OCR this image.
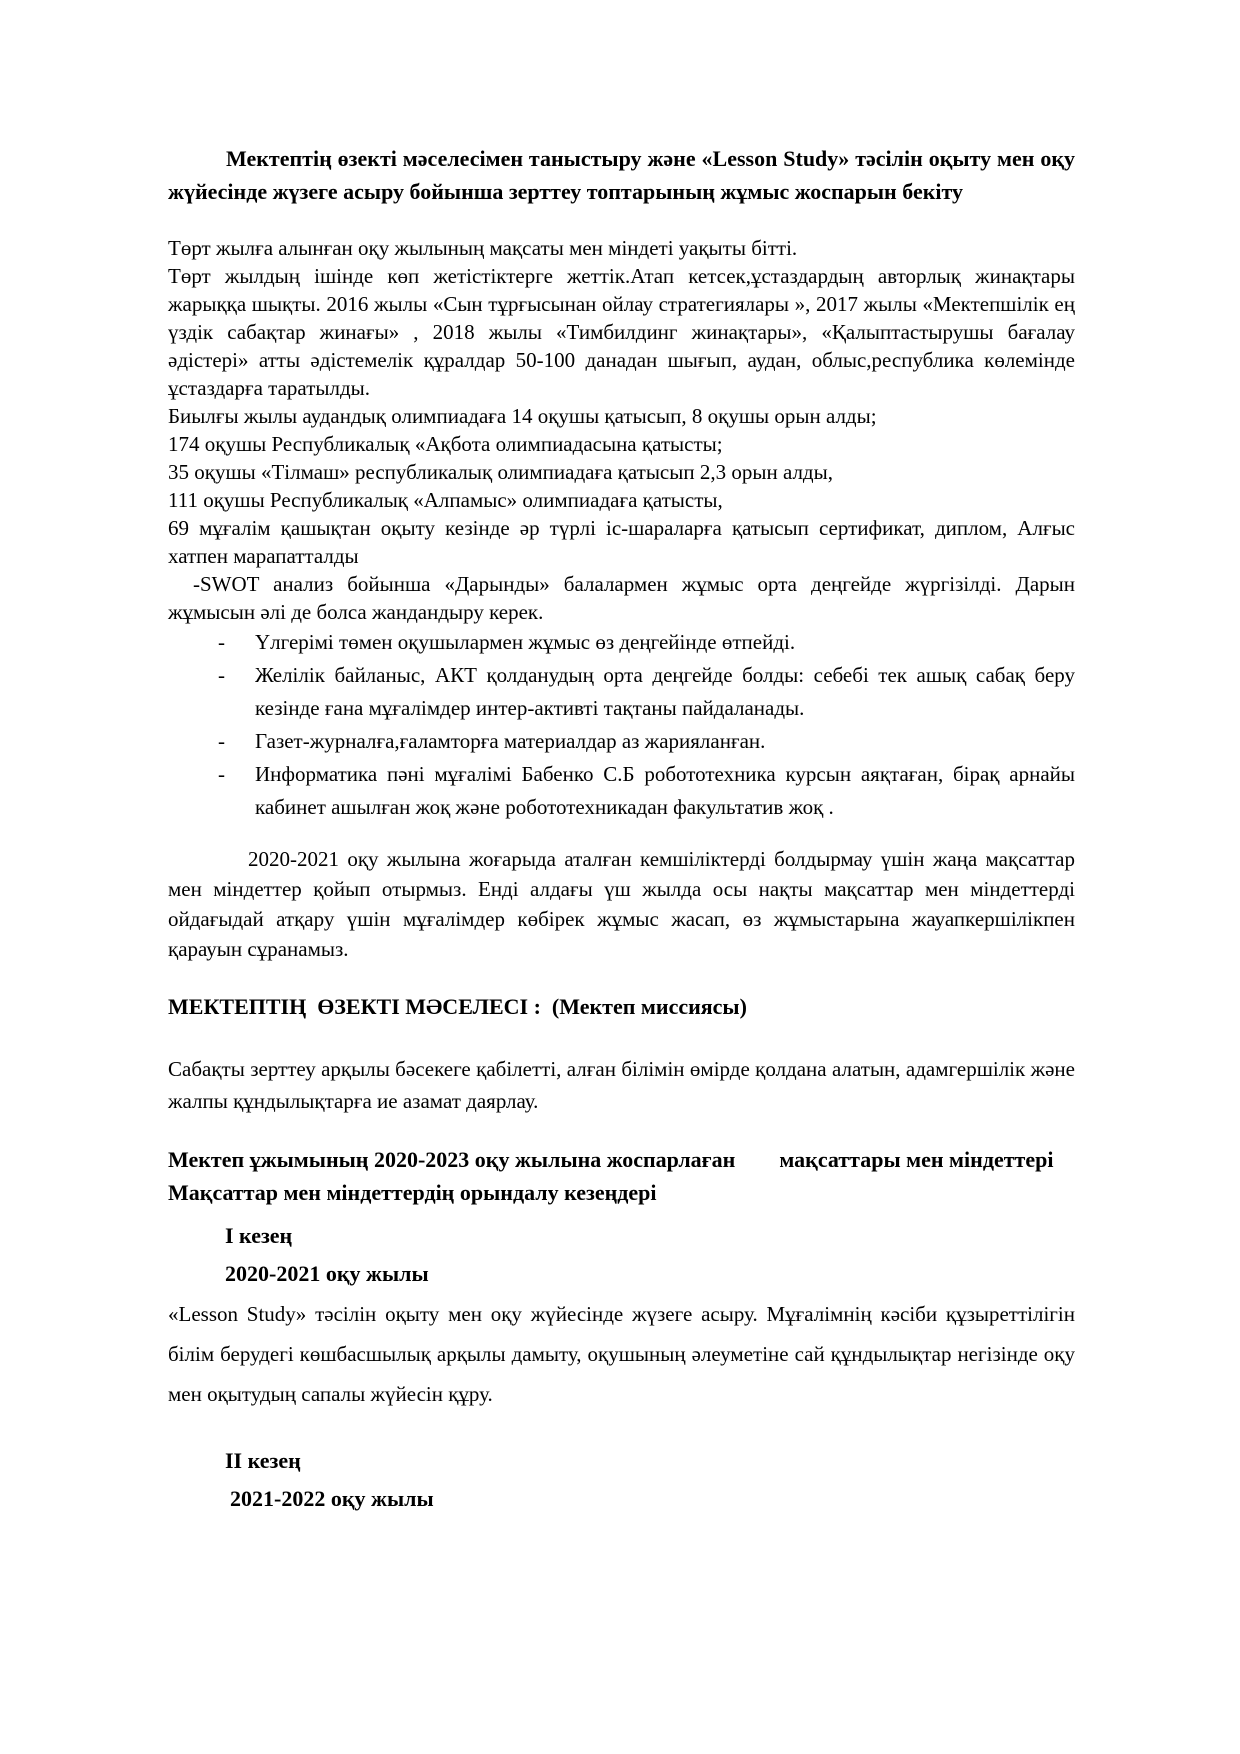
Мектептің өзекті мәселесімен таныстыру және «Lesson Study» тәсілін оқыту мен оқу жүйесінде жүзеге асыру бойынша зерттеу топтарының жұмыс жоспарын бекіту

Төрт жылға алынған оқу жылының мақсаты мен міндеті уақыты бітті.

Төрт жылдың ішінде көп жетістіктерге жеттік.Атап кетсек,ұстаздардың авторлық жинақтары жарыққа шықты. 2016 жылы «Сын тұрғысынан ойлау стратегиялары », 2017 жылы «Мектепшілік ең үздік сабақтар жинағы» , 2018 жылы «Тимбилдинг жинақтары», «Қалыптастырушы бағалау әдістері» атты әдістемелік құралдар 50-100 данадан шығып, аудан, облыс,республика көлемінде ұстаздарға таратылды.

Биылғы жылы аудандық олимпиадаға 14 оқушы қатысып, 8 оқушы орын алды;

174 оқушы Республикалық «Ақбота олимпиадасына қатысты;

35 оқушы «Тілмаш» республикалық олимпиадаға қатысып 2,3 орын алды,

111 оқушы Республикалық «Алпамыс» олимпиадаға қатысты,

69 мұғалім қашықтан оқыту кезінде әр түрлі іс-шараларға қатысып сертификат, диплом, Алғыс хатпен марапатталды

-SWOT анализ бойынша «Дарынды» балалармен жұмыс орта деңгейде жүргізілді. Дарын жұмысын әлі де болса жандандыру керек.

- Үлгерімі төмен оқушылармен жұмыс өз деңгейінде өтпейді.
- Желілік байланыс, АКТ қолданудың орта деңгейде болды: себебі тек ашық сабақ беру кезінде ғана мұғалімдер интер-активті тақтаны пайдаланады.
- Газет-журналға,ғаламторға материалдар аз жарияланған.
- Информатика пәні мұғалімі Бабенко С.Б робототехника курсын аяқтаған, бірақ арнайы кабинет ашылған жоқ және робототехникадан факультатив жоқ .

2020-2021 оқу жылына жоғарыда аталған кемшіліктерді болдырмау үшін жаңа мақсаттар мен міндеттер қойып отырмыз. Енді алдағы үш жылда осы нақты мақсаттар мен міндеттерді ойдағыдай атқару үшін мұғалімдер көбірек жұмыс жасап, өз жұмыстарына жауапкершілікпен қарауын сұранамыз.

МЕКТЕПТІҢ  ӨЗЕКТІ МӘСЕЛЕСІ :  (Мектеп миссиясы)

Сабақты зерттеу арқылы бәсекеге қабілетті, алған білімін өмірде қолдана алатын, адамгершілік және жалпы құндылықтарға ие азамат даярлау.

Мектеп ұжымының 2020-2023 оқу жылына жоспарлаған        мақсаттары мен міндеттері
Мақсаттар мен міндеттердің орындалу кезеңдері
І кезең
2020-2021 оқу жылы

«Lesson Study» тәсілін оқыту мен оқу жүйесінде жүзеге асыру. Мұғалімнің кәсіби құзыреттілігін білім берудегі көшбасшылық арқылы дамыту, оқушының әлеуметіне сай құндылықтар негізінде оқу мен оқытудың сапалы жүйесін құру.

ІІ кезең
2021-2022 оқу жылы
